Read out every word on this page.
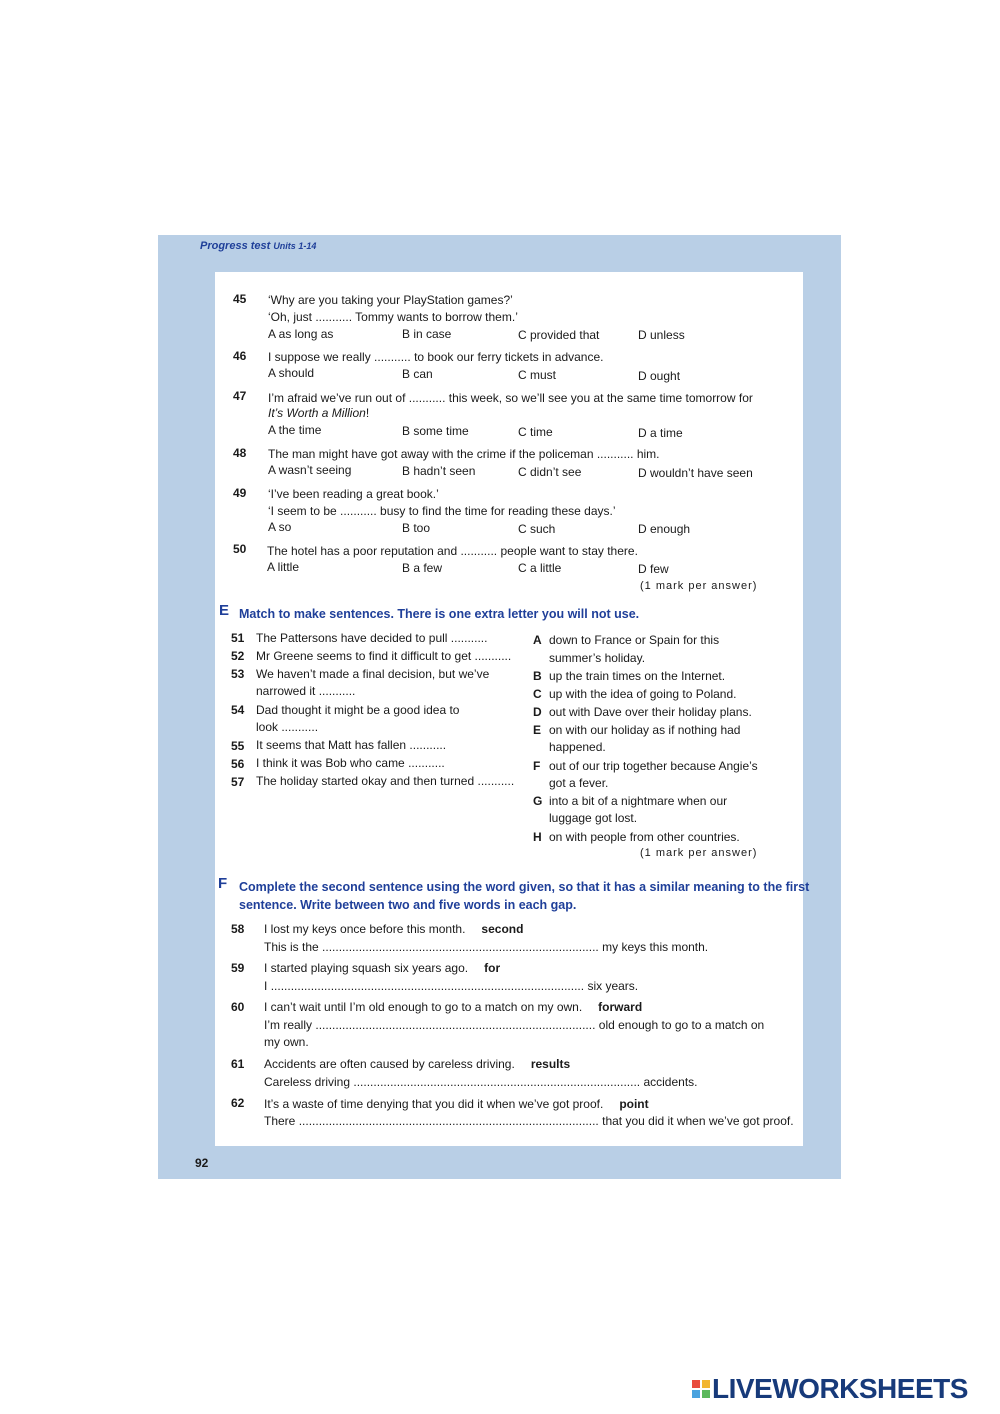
Progress test Units 1-14
45 ‘Why are you taking your PlayStation games?’
‘Oh, just ........... Tommy wants to borrow them.’
A as long as	B in case	C provided that	D unless
46 I suppose we really ........... to book our ferry tickets in advance.
A should	B can	C must	D ought
47 I’m afraid we’ve run out of ........... this week, so we’ll see you at the same time tomorrow for
It’s Worth a Million!
A the time	B some time	C time	D a time
48 The man might have got away with the crime if the policeman ........... him.
A wasn’t seeing	B hadn’t seen	C didn’t see	D wouldn’t have seen
49 ‘I’ve been reading a great book.’
‘I seem to be ........... busy to find the time for reading these days.’
A so	B too	C such	D enough
50 The hotel has a poor reputation and ........... people want to stay there.
A little	B a few	C a little	D few
(1 mark per answer)
E Match to make sentences. There is one extra letter you will not use.
51 The Pattersons have decided to pull ...........
52 Mr Greene seems to find it difficult to get ...........
53 We haven’t made a final decision, but we’ve
narrowed it ...........
54 Dad thought it might be a good idea to
look ...........
55 It seems that Matt has fallen ...........
56 I think it was Bob who came ...........
57 The holiday started okay and then turned ...........
A down to France or Spain for this
summer’s holiday.
B up the train times on the Internet.
C up with the idea of going to Poland.
D out with Dave over their holiday plans.
E on with our holiday as if nothing had
happened.
F out of our trip together because Angie’s
got a fever.
G into a bit of a nightmare when our
luggage got lost.
H on with people from other countries.
(1 mark per answer)
F Complete the second sentence using the word given, so that it has a similar meaning to the first
sentence. Write between two and five words in each gap.
58 I lost my keys once before this month. second
This is the ................................................................................... my keys this month.
59 I started playing squash six years ago. for
I .............................................................................................. six years.
60 I can’t wait until I’m old enough to go to a match on my own. forward
I’m really .................................................................................... old enough to go to a match on
my own.
61 Accidents are often caused by careless driving. results
Careless driving ...................................................................................... accidents.
62 It’s a waste of time denying that you did it when we’ve got proof. point
There .......................................................................................... that you did it when we’ve got proof.
92
LIVEWORKSHEETS
